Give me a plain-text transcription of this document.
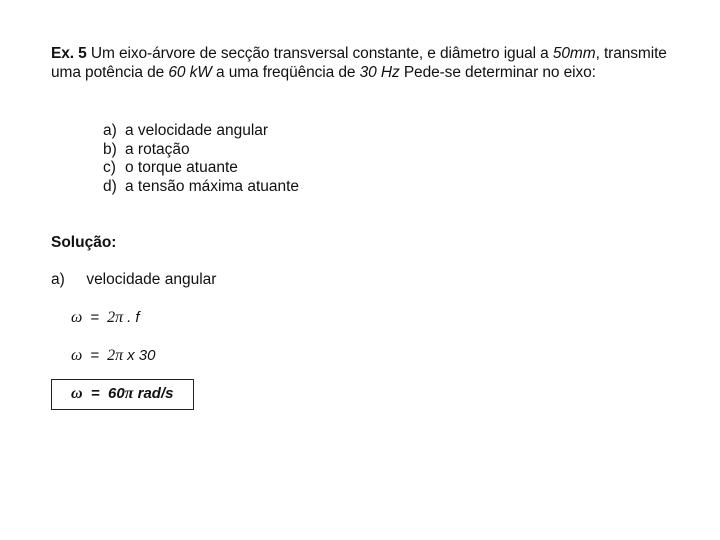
Ex. 5 Um eixo-árvore de secção transversal constante, e diâmetro igual a 50mm, transmite uma potência de 60 kW a uma freqüência de 30 Hz Pede-se determinar no eixo:
a) a velocidade angular
b) a rotação
c) o torque atuante
d) a tensão máxima atuante
Solução:
a) velocidade angular
ω = 2π . f
ω = 2π x 30
ω = 60π rad/s
